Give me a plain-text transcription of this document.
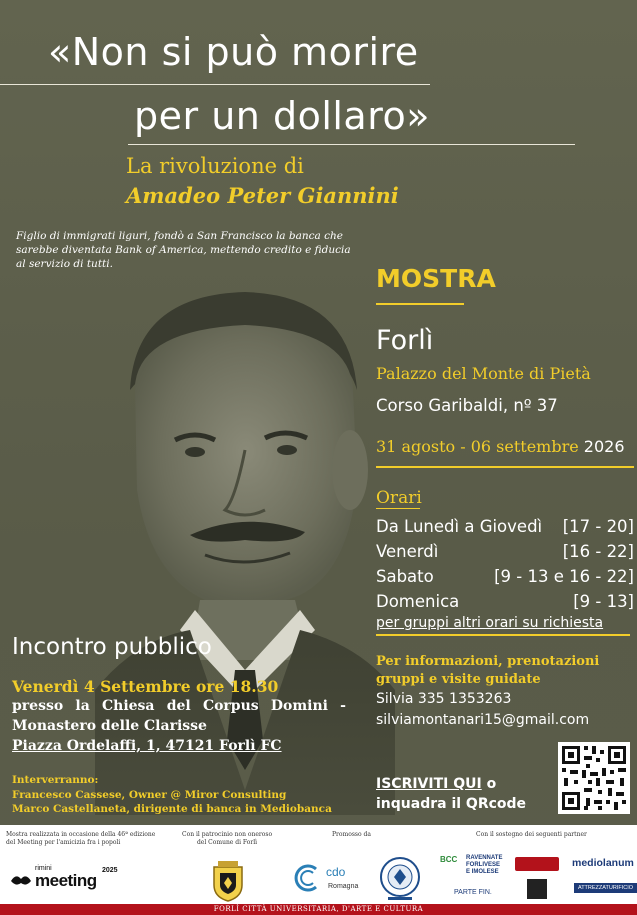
«Non si può morire
per un dollaro»
La rivoluzione di
Amadeo Peter Giannini
Figlio di immigrati liguri, fondò a San Francisco la banca che sarebbe diventata Bank of America, mettendo credito e fiducia al servizio di tutti.	MOSTRA
Forlì
Palazzo del Monte di Pietà
Corso Garibaldi, nº 37
31 agosto - 06 settembre 2026
Orari
Da Lunedì a Giovedì [17 - 20]
Venerdì	[16 - 22]
Sabato	[9 - 13 e 16 - 22]
Domenica	[9 - 13]
per gruppi altri orari su richiesta
Per informazioni, prenotazioni
gruppi e visite guidate
Silvia 335 1353263
silviamontanari15@gmail.com
ISCRIVITI QUI o
inquadra il QRcode
Incontro pubblico
Venerdì 4 Settembre ore 18.30
presso la Chiesa del Corpus Domini -
Monastero delle Clarisse
Piazza Ordelaffi, 1, 47121 Forlì FC
Interverranno:
Francesco Cassese, Owner @ Miror Consulting
Marco Castellaneta, dirigente di banca in Mediobanca
Mostra realizzata in occasione della 46ª edizione
del Meeting per l'amicizia fra i popoli
Con il patrocinio non oneroso
del Comune di Forlì
Promosso da	Con il sostegno dei seguenti partner
rimini
meeting
2025	cdo
Romagna
BCC RAVENNATE
FORLIVESE
E IMOLESE
PARTE FIN.
mediolanum
ATTREZZATURIFICIO
FORLÌ CITTÀ UNIVERSITARIA, D'ARTE E CULTURA
